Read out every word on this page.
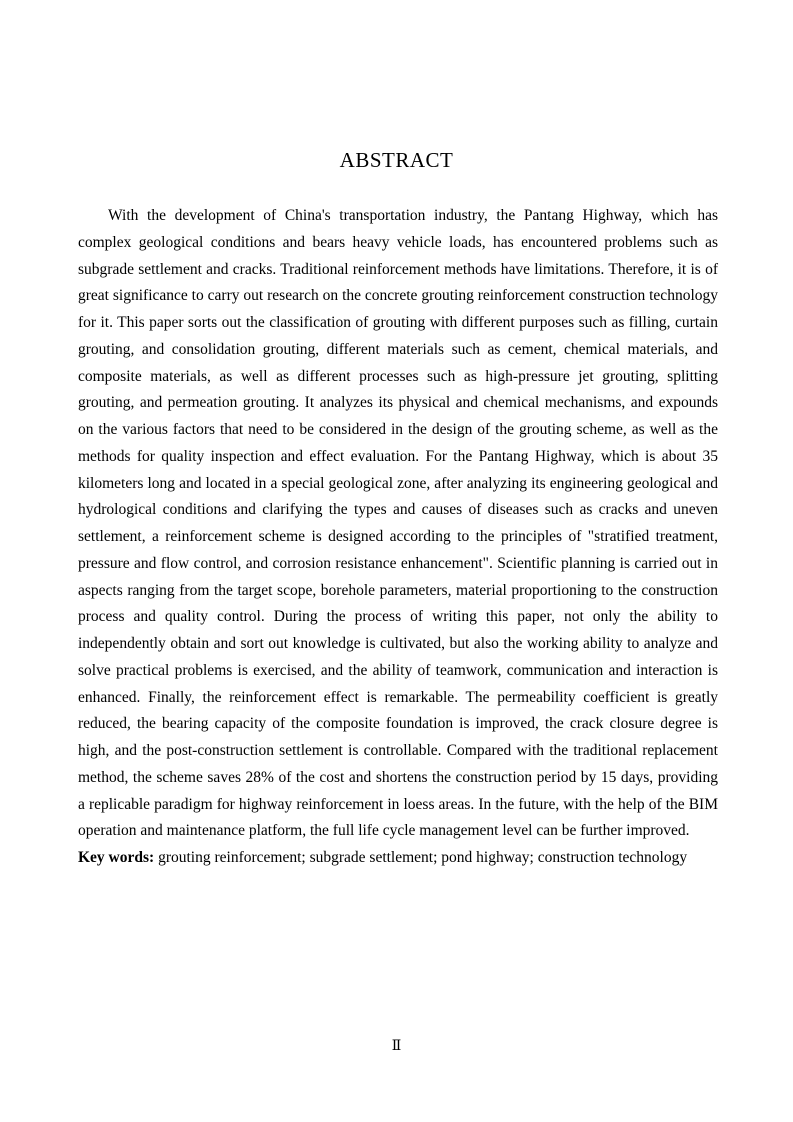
ABSTRACT

With the development of China's transportation industry, the Pantang Highway, which has complex geological conditions and bears heavy vehicle loads, has encountered problems such as subgrade settlement and cracks. Traditional reinforcement methods have limitations. Therefore, it is of great significance to carry out research on the concrete grouting reinforcement construction technology for it. This paper sorts out the classification of grouting with different purposes such as filling, curtain grouting, and consolidation grouting, different materials such as cement, chemical materials, and composite materials, as well as different processes such as high-pressure jet grouting, splitting grouting, and permeation grouting. It analyzes its physical and chemical mechanisms, and expounds on the various factors that need to be considered in the design of the grouting scheme, as well as the methods for quality inspection and effect evaluation. For the Pantang Highway, which is about 35 kilometers long and located in a special geological zone, after analyzing its engineering geological and hydrological conditions and clarifying the types and causes of diseases such as cracks and uneven settlement, a reinforcement scheme is designed according to the principles of "stratified treatment, pressure and flow control, and corrosion resistance enhancement". Scientific planning is carried out in aspects ranging from the target scope, borehole parameters, material proportioning to the construction process and quality control. During the process of writing this paper, not only the ability to independently obtain and sort out knowledge is cultivated, but also the working ability to analyze and solve practical problems is exercised, and the ability of teamwork, communication and interaction is enhanced. Finally, the reinforcement effect is remarkable. The permeability coefficient is greatly reduced, the bearing capacity of the composite foundation is improved, the crack closure degree is high, and the post-construction settlement is controllable. Compared with the traditional replacement method, the scheme saves 28% of the cost and shortens the construction period by 15 days, providing a replicable paradigm for highway reinforcement in loess areas. In the future, with the help of the BIM operation and maintenance platform, the full life cycle management level can be further improved.

Key words: grouting reinforcement; subgrade settlement; pond highway; construction technology

Ⅱ
